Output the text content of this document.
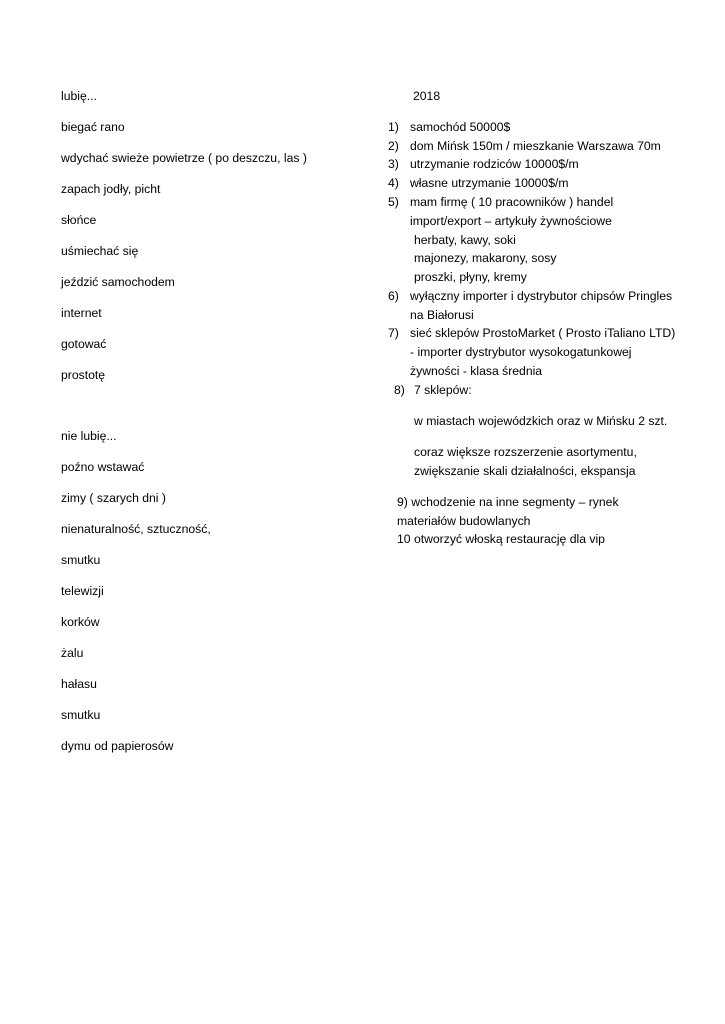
lubię...
biegać rano
wdychać swieże powietrze ( po deszczu, las )
zapach jodły, picht
słońce
uśmiechać się
jeździć samochodem
internet
gotować
prostotę
nie lubię...
poźno wstawać
zimy ( szarych dni )
nienaturalność, sztuczność,
smutku
telewizji
korków
żalu
hałasu
smutku
dymu od papierosów
2018
1) samochód 50000$
2) dom Mińsk 150m / mieszkanie Warszawa 70m
3) utrzymanie rodziców 10000$/m
4) własne utrzymanie 10000$/m
5) mam firmę ( 10 pracowników ) handel
import/export – artykuły żywnościowe
herbaty, kawy, soki
majonezy, makarony, sosy
proszki, płyny, kremy
6) wyłączny importer i dystrybutor chipsów Pringles
na Białorusi
7) sieć sklepów ProstoMarket ( Prosto iTaliano LTD)
- importer dystrybutor wysokogatunkowej
żywności - klasa średnia
8) 7 sklepów:
w miastach wojewódzkich oraz w Mińsku 2 szt.
coraz większe rozszerzenie asortymentu,
zwiększanie skali działalności, ekspansja
9) wchodzenie na inne segmenty – rynek
materiałów budowlanych
10 otworzyć włoską restaurację dla vip
